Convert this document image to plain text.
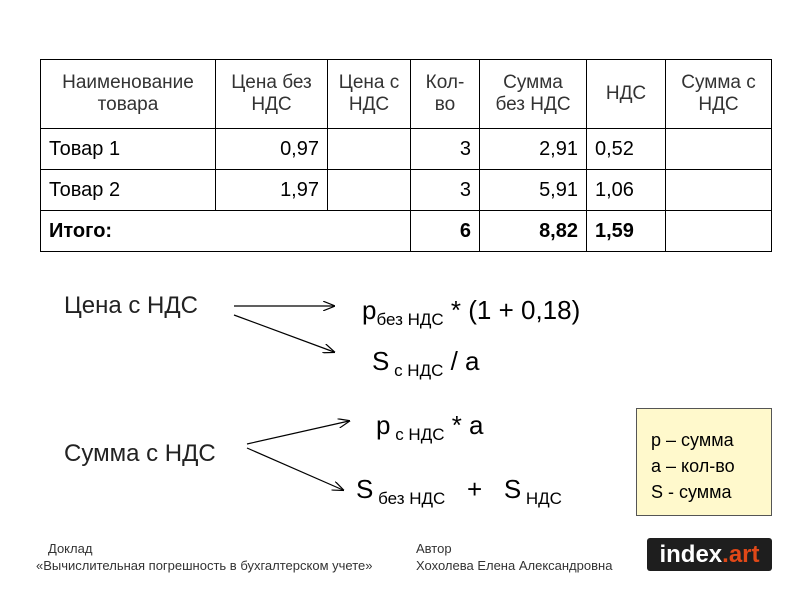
Наименование товара	Цена без НДС	Цена с НДС	Кол-во	Сумма без НДС	НДС	Сумма с НДС
Товар 1	0,97		3	2,91	0,52	
Товар 2	1,97		3	5,91	1,06	
Итого:			6	8,82	1,59	
Цена с НДС	$p_{без НДС} * (1 + 0,18)$
S $_{с НДС}$ / a
Сумма с НДС
p $_{с НДС}$ * a
S $_{без НДС}$   +   S $_{НДС}$
p – сумма
a – кол-во
S - сумма
Доклад
«Вычислительная погрешность в бухгалтерском учете»
Автор
Хохолева Елена Александровна index . art
